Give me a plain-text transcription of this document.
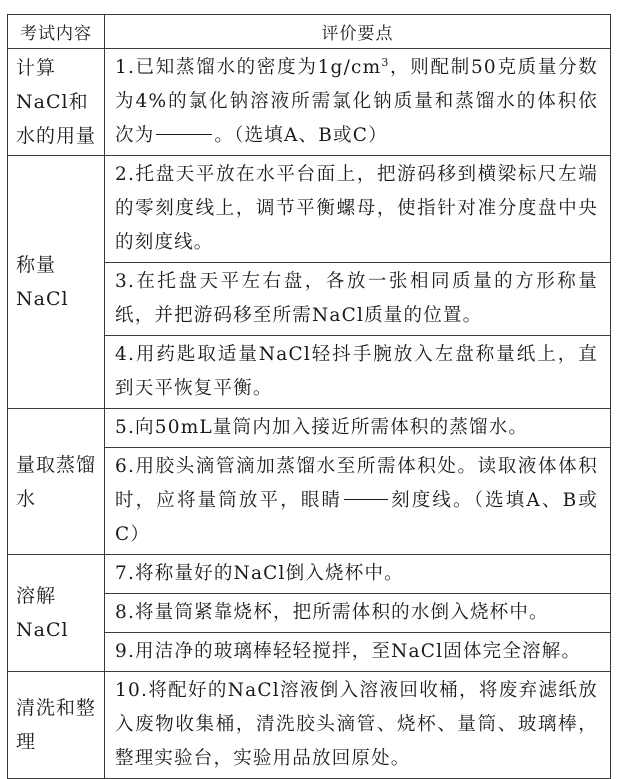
考试内容	评价要点
计算NaCl和水的用量	1.已知蒸馏水的密度为$1g/cm^3$，则配制50克质量分数为4%的氯化钠溶液所需氯化钠质量和蒸馏水的体积依次为 。（选填A、B或C）
称量NaCl	2.托盘天平放在水平台面上，把游码移到横梁标尺左端的零刻度线上，调节平衡螺母，使指针对准分度盘中央的刻度线。
	3.在托盘天平左右盘，各放一张相同质量的方形称量纸，并把游码移至所需NaCl质量的位置。
	4.用药匙取适量NaCl轻抖手腕放入左盘称量纸上，直到天平恢复平衡。
量取蒸馏水	5.向50mL量筒内加入接近所需体积的蒸馏水。
	6.用胶头滴管滴加蒸馏水至所需体积处。读取液体体积时，应将量筒放平，眼睛 刻度线。（选填A、B或C）
溶解NaCl	7.将称量好的NaCl倒入烧杯中。
	8.将量筒紧靠烧杯，把所需体积的水倒入烧杯中。
	9.用洁净的玻璃棒轻轻搅拌，至NaCl固体完全溶解。
清洗和整理	10.将配好的NaCl溶液倒入溶液回收桶，将废弃滤纸放入废物收集桶，清洗胶头滴管、烧杯、量筒、玻璃棒，整理实验台，实验用品放回原处。
